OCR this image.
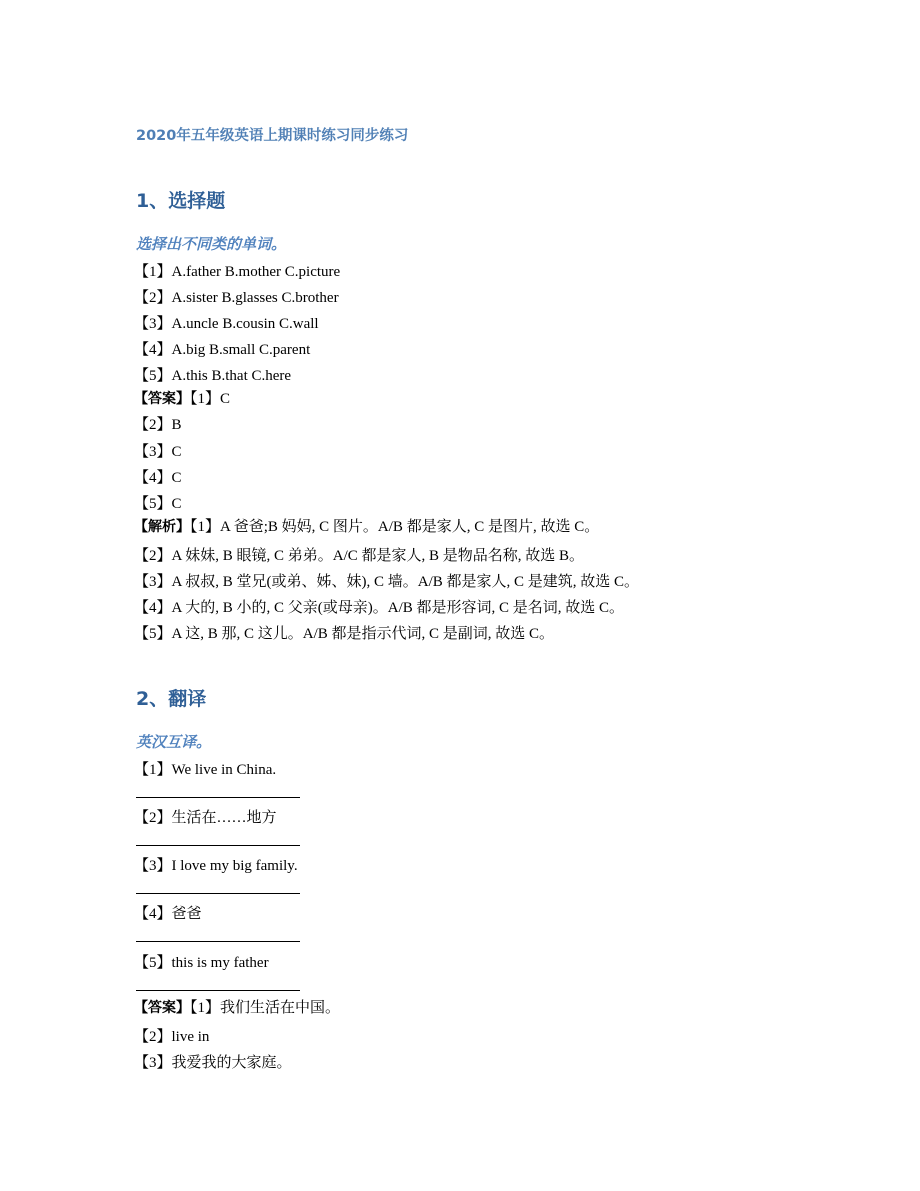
2020年五年级英语上期课时练习同步练习
1、选择题
选择出不同类的单词。
【1】A.father B.mother C.picture
【2】A.sister B.glasses C.brother
【3】A.uncle B.cousin C.wall
【4】A.big B.small C.parent
【5】A.this B.that C.here
【答案】【1】C
【2】B
【3】C
【4】C
【5】C
【解析】【1】A 爸爸;B 妈妈, C 图片。A/B 都是家人, C 是图片, 故选 C。
【2】A 妹妹, B 眼镜, C 弟弟。A/C 都是家人, B 是物品名称, 故选 B。
【3】A 叔叔, B 堂兄(或弟、姊、妹), C 墙。A/B 都是家人, C 是建筑, 故选 C。
【4】A 大的, B 小的, C 父亲(或母亲)。A/B 都是形容词, C 是名词, 故选 C。
【5】A 这, B 那, C 这儿。A/B 都是指示代词, C 是副词, 故选 C。
2、翻译
英汉互译。
【1】We live in China.
【2】生活在……地方
【3】I love my big family.
【4】爸爸
【5】this is my father
【答案】【1】我们生活在中国。
【2】live in
【3】我爱我的大家庭。
